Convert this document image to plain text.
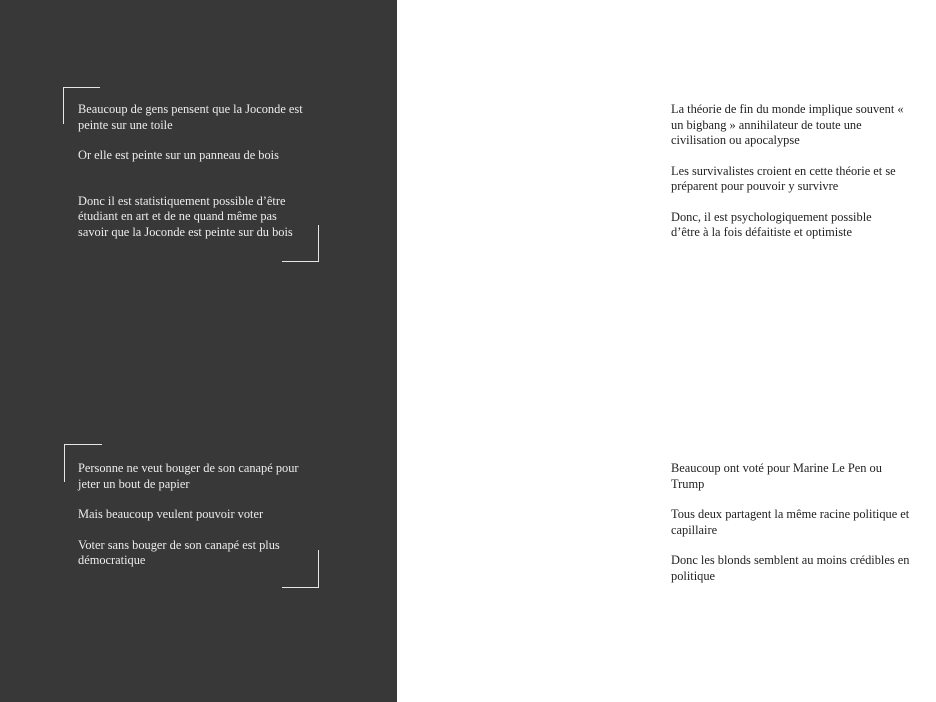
Beaucoup de gens pensent que la Joconde est peinte sur une toile

Or elle est peinte sur un panneau de bois

Donc il est statistiquement possible d’être étudiant en art et de ne quand même pas savoir que la Joconde est peinte sur du bois

Personne ne veut bouger de son canapé pour jeter un bout de papier

Mais beaucoup veulent pouvoir voter

Voter sans bouger de son canapé est plus démocratique

La théorie de fin du monde implique souvent « un bigbang » annihilateur de toute une civilisation ou apocalypse

Les survivalistes croient en cette théorie et se préparent pour pouvoir y survivre

Donc, il est psychologiquement possible d’être à la fois défaitiste et optimiste

Beaucoup ont voté pour Marine Le Pen ou Trump

Tous deux partagent la même racine politique et capillaire

Donc les blonds semblent au moins crédibles en politique
